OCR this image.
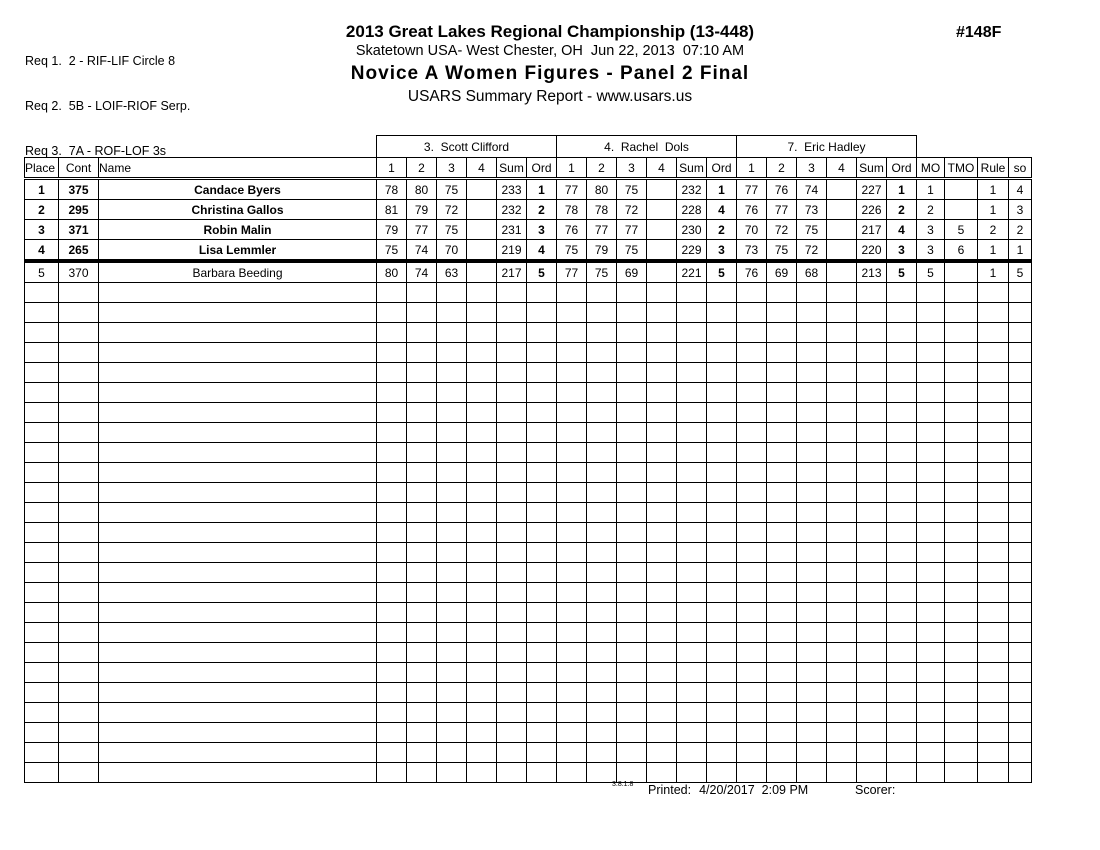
Req 1.  2 - RIF-LIF Circle 8

Req 2.  5B - LOIF-RIOF Serp.

Req 3.  7A - ROF-LOF 3s

2013 Great Lakes Regional Championship (13-448)
Skatetown USA- West Chester, OH  Jun 22, 2013  07:10 AM
Novice A Women Figures - Panel 2 Final
USARS Summary Report - www.usars.us
#148F
			3.  Scott Clifford						4.  Rachel  Dols						7.  Eric Hadley									
Place	Cont	Name	1	2	3	4	Sum	Ord	1	2	3	4	Sum	Ord	1	2	3	4	Sum	Ord	MO	TMO	Rule	so
1	375	Candace Byers	78	80	75		233	1	77	80	75		232	1	77	76	74		227	1	1		1	4
2	295	Christina Gallos	81	79	72		232	2	78	78	72		228	4	76	77	73		226	2	2		1	3
3	371	Robin Malin	79	77	75		231	3	76	77	77		230	2	70	72	75		217	4	3	5	2	2
4	265	Lisa Lemmler	75	74	70		219	4	75	79	75		229	3	73	75	72		220	3	3	6	1	1
5	370	Barbara Beeding	80	74	63		217	5	77	75	69		221	5	76	69	68		213	5	5		1	5

3.8.1.8 Printed: 4/20/2017  2:09 PM	Scorer:
